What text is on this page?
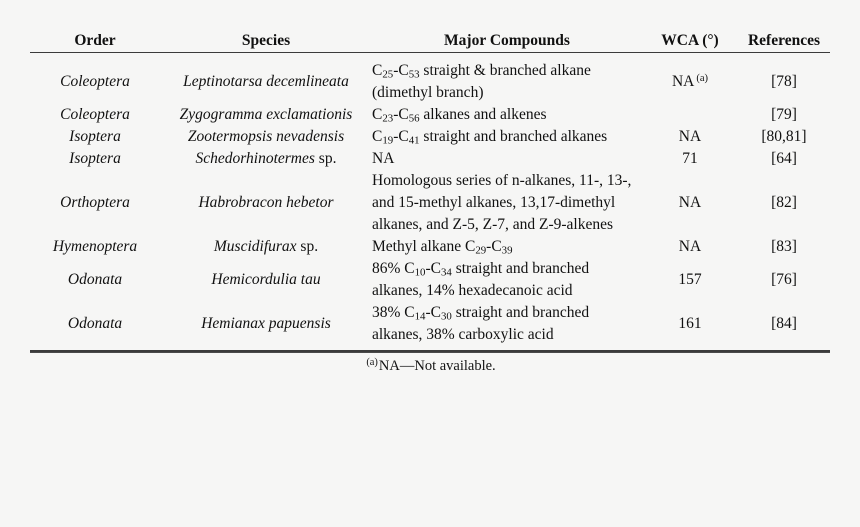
Order	Species	Major Compounds	WCA (°)	References
Coleoptera	Leptinotarsa decemlineata	$C_{25}-C_{53}$ straight & branched alkane (dimethyl branch)	NA $^{(a)}$	[78]
Coleoptera	Zygogramma exclamationis	$C_{23}-C_{56}$ alkanes and alkenes		[79]
Isoptera	Zootermopsis nevadensis	$C_{19}-C_{41}$ straight and branched alkanes	NA	[80,81]
Isoptera	Schedorhinotermes sp.	NA	71	[64]
Orthoptera	Habrobracon hebetor	Homologous series of n-alkanes, 11-, 13-, and 15-methyl alkanes, 13,17-dimethyl alkanes, and Z-5, Z-7, and Z-9-alkenes	NA	[82]
Hymenoptera	Muscidifurax sp.	Methyl alkane $C_{29}-C_{39}$	NA	[83]
Odonata	Hemicordulia tau	86% $C_{10}-C_{34}$ straight and branched alkanes, 14% hexadecanoic acid	157	[76]
Odonata	Hemianax papuensis	38% $C_{14}-C_{30}$ straight and branched alkanes, 38% carboxylic acid	161	[84]
$^{(a)}$NA—Not available.
